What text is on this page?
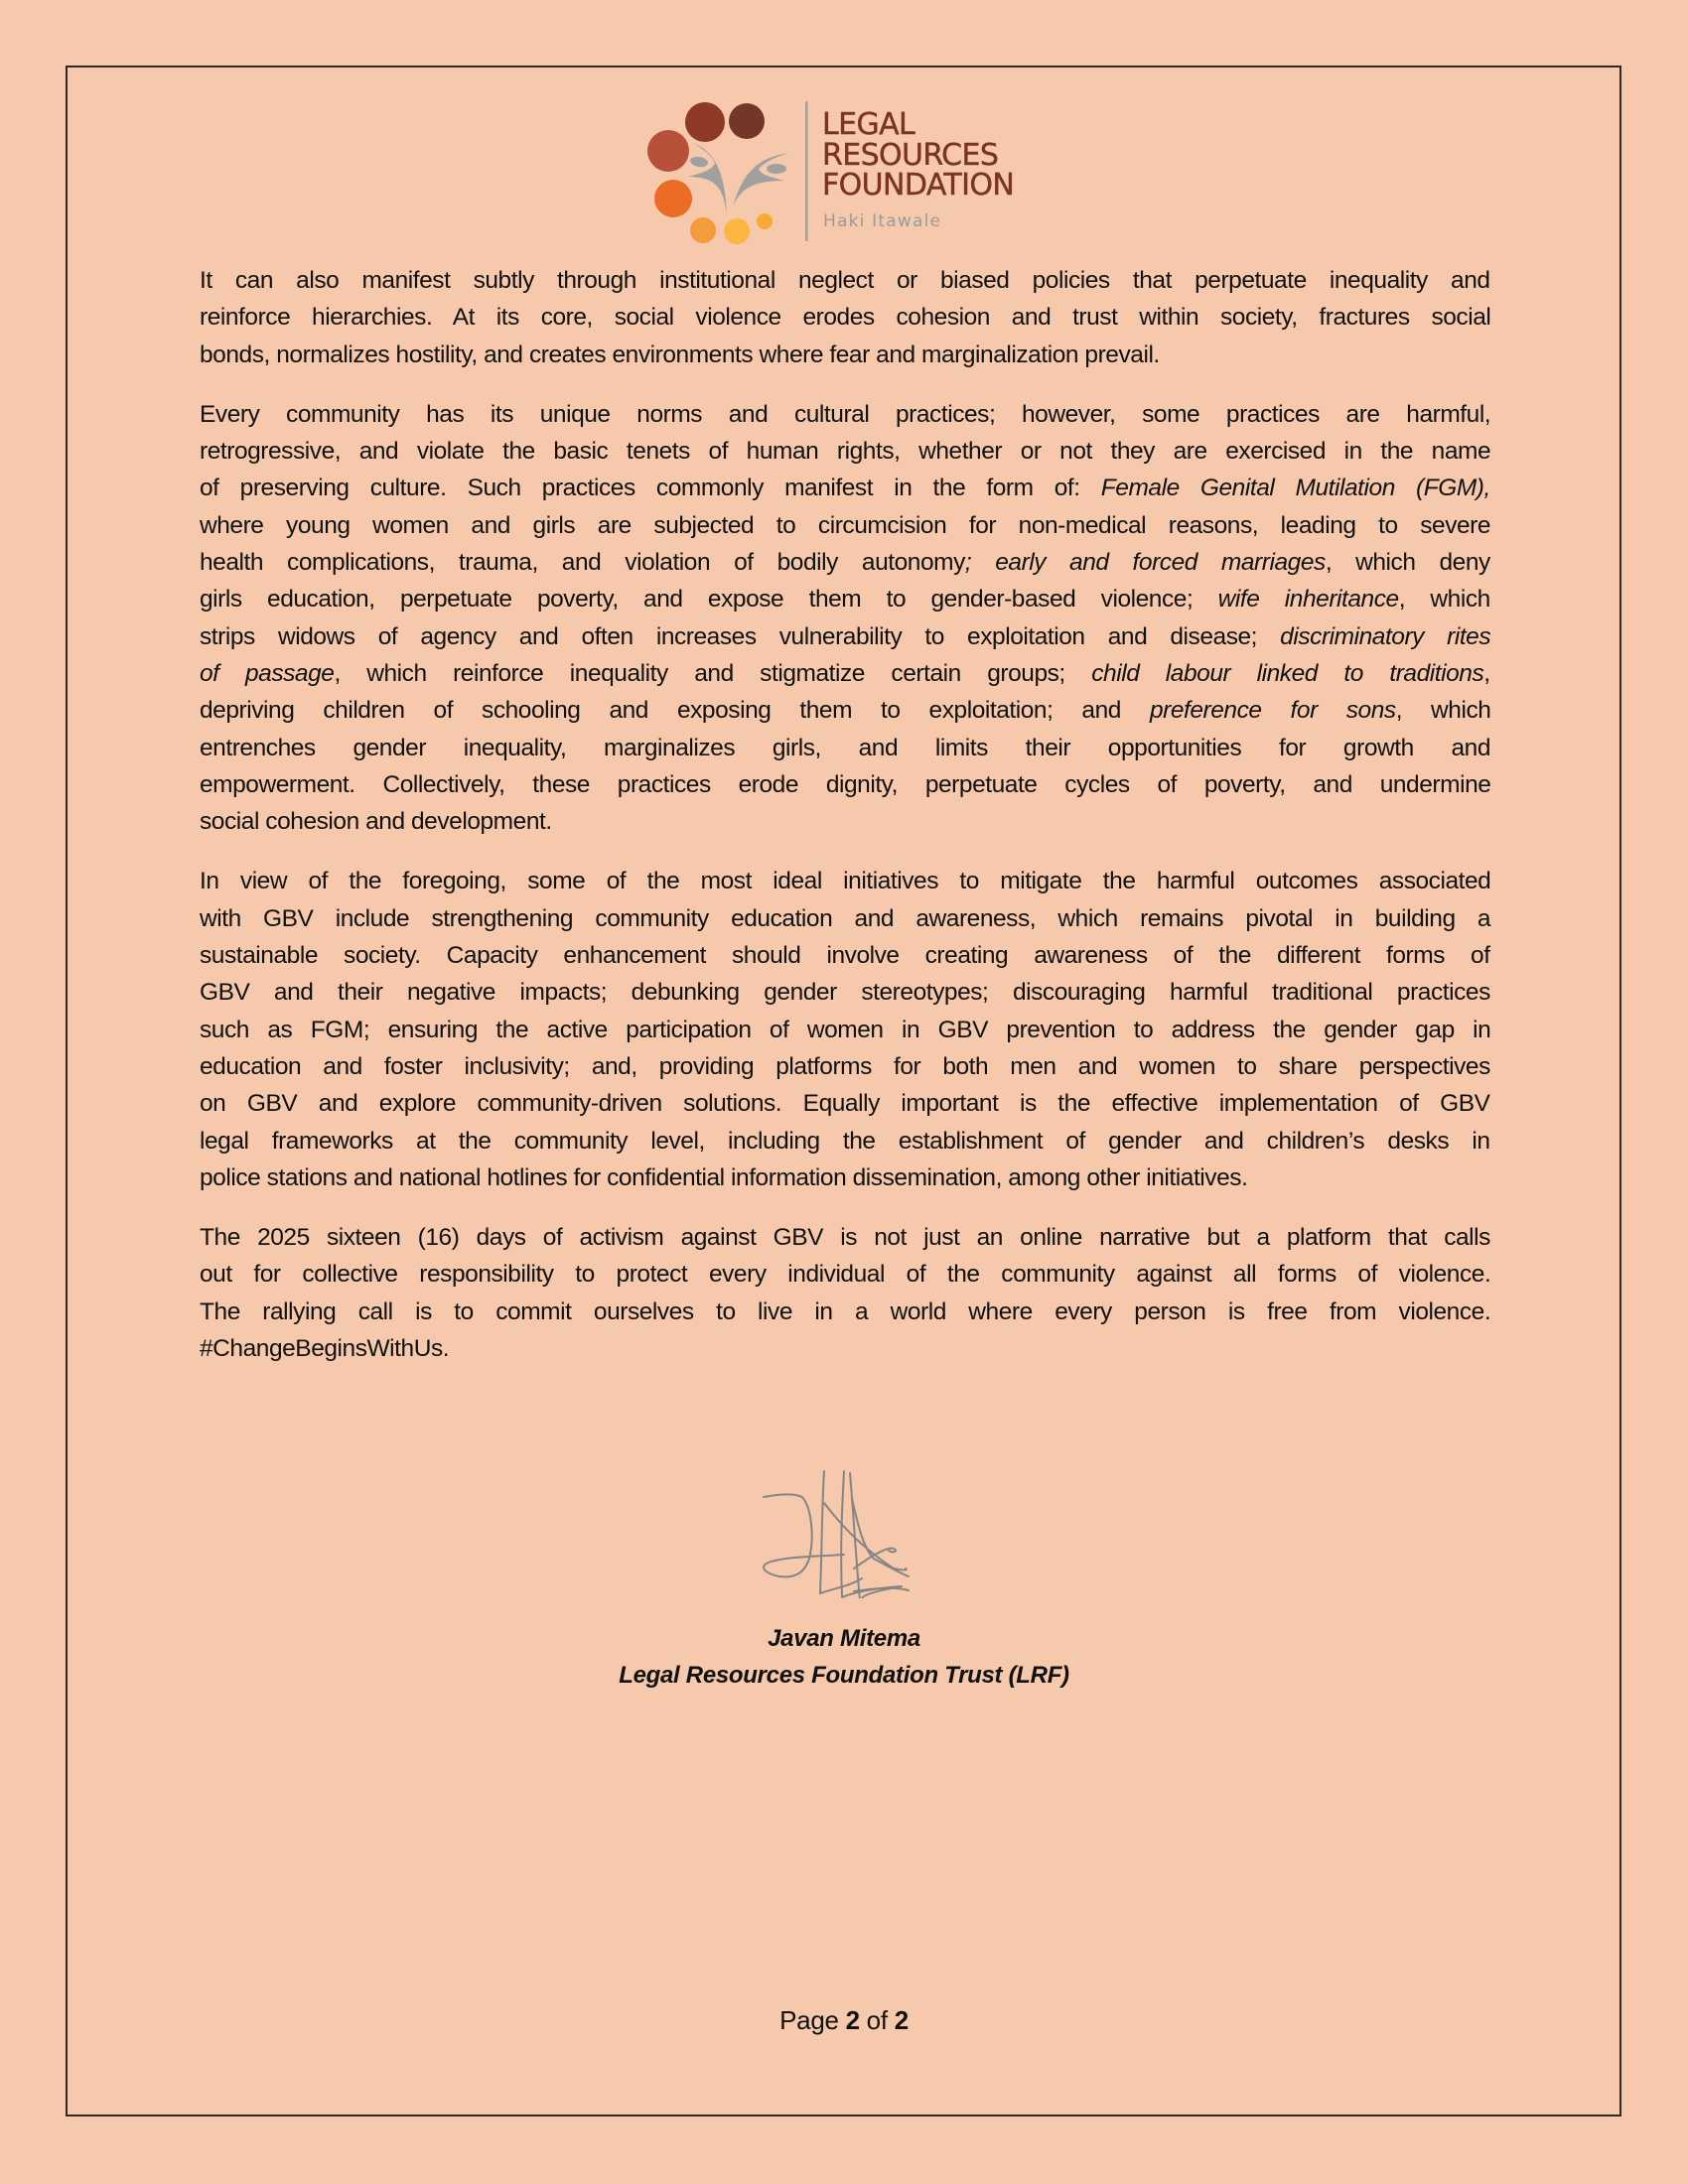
LEGAL
RESOURCES
FOUNDATION
Haki Itawale
It can also manifest subtly through institutional neglect or biased policies that perpetuate inequality and
reinforce hierarchies. At its core, social violence erodes cohesion and trust within society, fractures social
bonds, normalizes hostility, and creates environments where fear and marginalization prevail.
Every community has its unique norms and cultural practices; however, some practices are harmful,
retrogressive, and violate the basic tenets of human rights, whether or not they are exercised in the name
of preserving culture. Such practices commonly manifest in the form of: Female Genital Mutilation (FGM),
where young women and girls are subjected to circumcision for non-medical reasons, leading to severe
health complications, trauma, and violation of bodily autonomy; early and forced marriages, which deny
girls education, perpetuate poverty, and expose them to gender-based violence; wife inheritance, which
strips widows of agency and often increases vulnerability to exploitation and disease; discriminatory rites
of passage, which reinforce inequality and stigmatize certain groups; child labour linked to traditions,
depriving children of schooling and exposing them to exploitation; and preference for sons, which
entrenches gender inequality, marginalizes girls, and limits their opportunities for growth and
empowerment. Collectively, these practices erode dignity, perpetuate cycles of poverty, and undermine
social cohesion and development.
In view of the foregoing, some of the most ideal initiatives to mitigate the harmful outcomes associated
with GBV include strengthening community education and awareness, which remains pivotal in building a
sustainable society. Capacity enhancement should involve creating awareness of the different forms of
GBV and their negative impacts; debunking gender stereotypes; discouraging harmful traditional practices
such as FGM; ensuring the active participation of women in GBV prevention to address the gender gap in
education and foster inclusivity; and, providing platforms for both men and women to share perspectives
on GBV and explore community-driven solutions. Equally important is the effective implementation of GBV
legal frameworks at the community level, including the establishment of gender and children’s desks in
police stations and national hotlines for confidential information dissemination, among other initiatives.
The 2025 sixteen (16) days of activism against GBV is not just an online narrative but a platform that calls
out for collective responsibility to protect every individual of the community against all forms of violence.
The rallying call is to commit ourselves to live in a world where every person is free from violence.
#ChangeBeginsWithUs.
Javan Mitema
Legal Resources Foundation Trust (LRF)
Page 2 of 2
